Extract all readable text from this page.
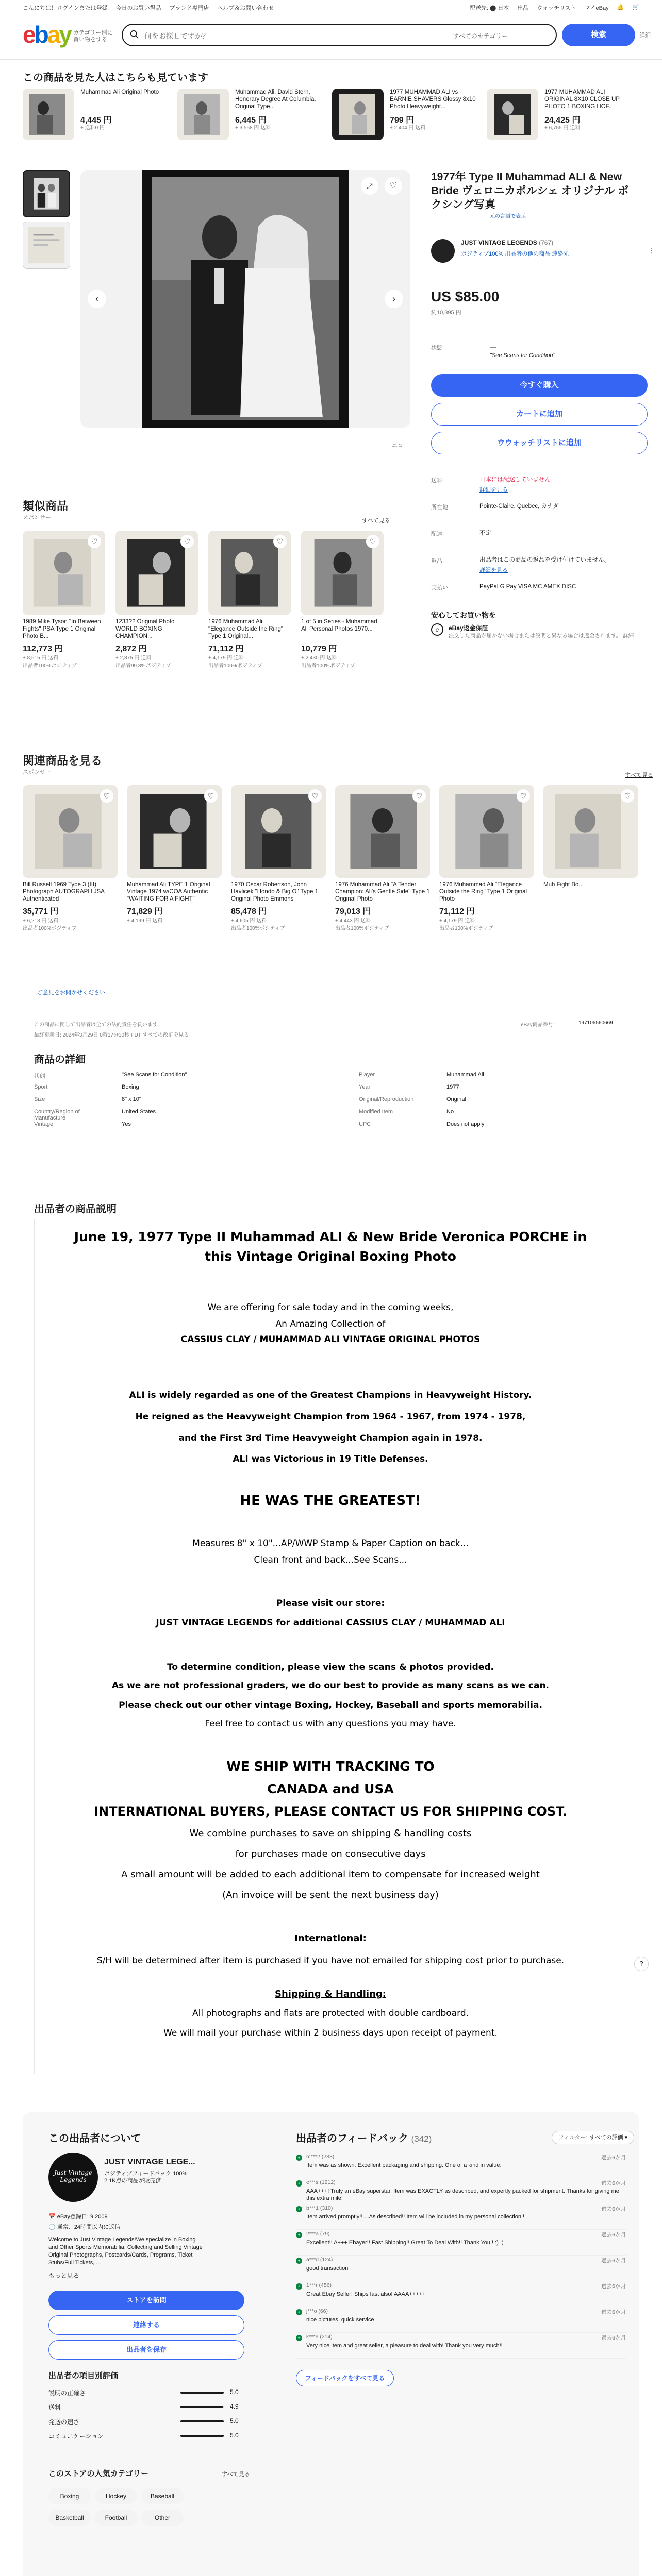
こんにちは！ログインまたは登録 今日のお買い得品 ブランド専門店 ヘルプ＆お問い合わせ	配送先: ⬤ 日本 出品 ウォッチリスト マイeBay 🔔 🛒
ebay カテゴリー別に買い物をする	何をお探しですか？	すべてのカテゴリー	検索	詳細
この商品を見た人はこちらも見ています
Muhammad Ali Original Photo
4,445 円
+ 送料0 円
Muhammad Ali, David Stern, Honorary Degree At Columbia, Original Type...
6,445 円
+ 3,558 円 送料
1977 MUHAMMAD ALI vs EARNIE SHAVERS Glossy 8x10 Photo Heavyweight...
799 円
+ 2,404 円 送料
1977 MUHAMMAD ALI ORIGINAL 8X10 CLOSE UP PHOTO 1 BOXING HOF...
24,425 円
+ 6,755 円 送料
♡
⤢
‹	›
ニコ
1977年 Type II Muhammad ALI & New Bride ヴェロニカポルシェ オリジナル ボクシング写真
元の言語で表示
JUST VINTAGE LEGENDS (767)
ポジティブ100% 出品者の他の商品 連絡先	⋮
US $85.00
約10,395 円
状態:	—
"See Scans for Condition"
今すぐ購入
カートに追加
ウウォッチリストに追加
送料:	日本には配送していません
詳細を見る
所在地:	Pointe-Claire, Quebec, カナダ
配達:	不定
返品:	出品者はこの商品の返品を受け付けていません。
詳細を見る
支払い:	PayPal G Pay VISA MC AMEX DISC
安心してお買い物を
e	eBay返金保証
注文した商品が届かない場合または説明と異なる場合は返金されます。 詳細
類似商品
スポンサー	すべて見る
♡
1989 Mike Tyson "In Between Fights" PSA Type 1 Original Photo B...
112,773 円
+ 8,515 円 送料
出品者100%ポジティブ
♡
1233?? Original Photo WORLD BOXING CHAMPION...
2,872 円
+ 2,875 円 送料
出品者99.8%ポジティブ
♡
1976 Muhammad Ali "Elegance Outside the Ring" Type 1 Original...
71,112 円
+ 4,179 円 送料
出品者100%ポジティブ
♡
1 of 5 in Series - Muhammad Ali Personal Photos 1970...
10,779 円
+ 2,430 円 送料
出品者100%ポジティブ
関連商品を見る
スポンサー	すべて見る
♡
Bill Russell 1969 Type 3 (III) Photograph AUTOGRAPH JSA Authenticated
35,771 円
+ 6,213 円 送料
出品者100%ポジティブ
♡
Muhammad Ali TYPE 1 Original Vintage 1974 w/COA Authentic "WAITING FOR A FIGHT"
71,829 円
+ 4,199 円 送料
♡
1970 Oscar Robertson, John Havlicek "Hondo & Big O" Type 1 Original Photo Emmons
85,478 円
+ 4,605 円 送料
出品者100%ポジティブ
♡
1976 Muhammad Ali "A Tender Champion: Ali's Gentle Side" Type 1 Original Photo
79,013 円
+ 4,443 円 送料
出品者100%ポジティブ
♡
1976 Muhammad Ali "Elegance Outside the Ring" Type 1 Original Photo
71,112 円
+ 4,179 円 送料
出品者100%ポジティブ
♡
Muh Fight Bo...
ご意見をお聞かせください
この商品に関して出品者は全ての法的責任を負います	eBay商品番号:	197106560669
最終更新日: 2024年3月29日 0時37分30秒 PDT すべての改訂を見る
商品の詳細
状態	"See Scans for Condition"
Sport	Boxing
Size	8" x 10"
Country/Region of Manufacture
United States
Vintage	Yes
Player	Muhammad Ali
Year	1977
Original/Reproduction	Original
Modified Item	No
UPC	Does not apply
出品者の商品説明
June 19, 1977 Type II Muhammad ALI & New Bride Veronica PORCHE in this Vintage Original Boxing Photo
We are offering for sale today and in the coming weeks,
An Amazing Collection of
CASSIUS CLAY / MUHAMMAD ALI VINTAGE ORIGINAL PHOTOS
ALI is widely regarded as one of the Greatest Champions in Heavyweight History.
He reigned as the Heavyweight Champion from 1964 - 1967, from 1974 - 1978,
and the First 3rd Time Heavyweight Champion again in 1978.
ALI was Victorious in 19 Title Defenses.
HE WAS THE GREATEST!
Measures 8" x 10"...AP/WWP Stamp & Paper Caption on back...
Clean front and back...See Scans...
Please visit our store:
JUST VINTAGE LEGENDS for additional CASSIUS CLAY / MUHAMMAD ALI
To determine condition, please view the scans & photos provided.
As we are not professional graders, we do our best to provide as many scans as we can.
Please check out our other vintage Boxing, Hockey, Baseball and sports memorabilia.
Feel free to contact us with any questions you may have.
WE SHIP WITH TRACKING TO
CANADA and USA
INTERNATIONAL BUYERS, PLEASE CONTACT US FOR SHIPPING COST.
We combine purchases to save on shipping & handling costs
for purchases made on consecutive days
A small amount will be added to each additional item to compensate for increased weight
(An invoice will be sent the next business day)
International:
S/H will be determined after item is purchased if you have not emailed for shipping cost prior to purchase.
Shipping & Handling:
All photographs and flats are protected with double cardboard.
We will mail your purchase within 2 business days upon receipt of payment.
?
この出品者について
Just Vintage Legends
JUST VINTAGE LEGE...
ポジティブフィードバック 100% 2.1K点の商品が販売済
📅 eBay登録日: 9 2009
🕘 通常、24時間以内に返信
Welcome to Just Vintage Legends!We specialize in Boxing and Other Sports Memorabilia. Collecting and Selling Vintage Original Photographs, Postcards/Cards, Programs, Ticket Stubs/Full Tickets, ...
もっと見る
ストアを訪問
連絡する
出品者を保存
出品者の項目別評価
説明の正確さ	5.0
送料	4.9
発送の速さ	5.0
コミュニケーション	5.0
このストアの人気カテゴリー	すべて見る
Boxing	Hockey	Baseball
Basketball	Football	Other
出品者のフィードバック (342)	フィルター: すべての評価 ▾
+	m***2 (283)	過去6か月
Item was as shown. Excellent packaging and shipping. One of a kind in value.
+	e***s (1212)	過去6か月
AAA+++! Truly an eBay superstar. Item was EXACTLY as described, and expertly packed for shipment. Thanks for giving me this extra mile!
+	b***1 (310)	過去6か月
Item arrived promptly!!....As described!! Item will be included in my personal collection!!
+	2***a (79)	過去6か月
Excellent!! A+++ Ebayer!! Fast Shipping!! Great To Deal With!! Thank You!! :) :)
+	a***d (124)	過去6か月
good transaction
+	1***r (456)	過去6か月
Great Ebay Seller! Ships fast also! AAAA+++++
+	j***o (66)	過去6か月
nice pictures, quick service
+	k***e (214)	過去6か月
Very nice item and great seller, a pleasure to deal with! Thank you very much!!
フィードバックをすべて見る
